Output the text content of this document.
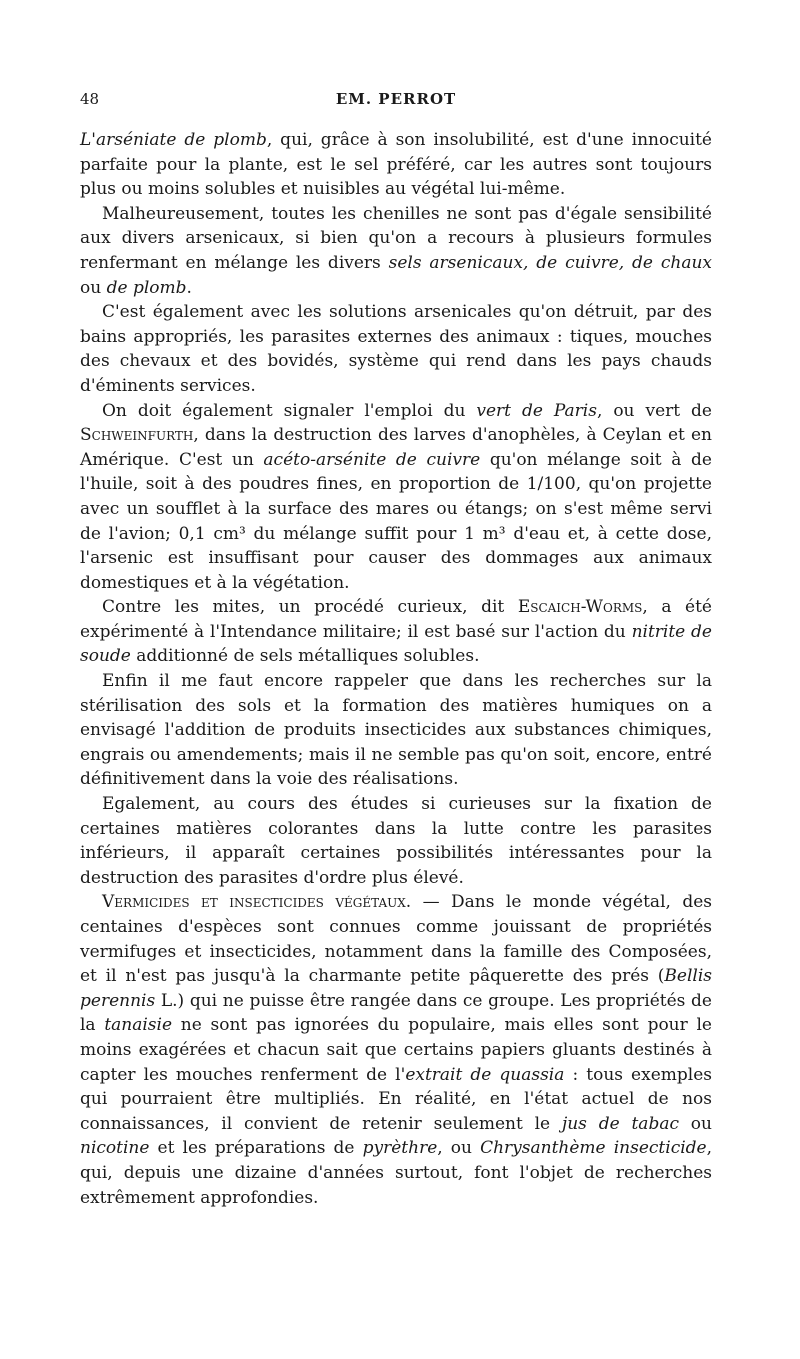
48	EM. PERROT

L'arséniate de plomb, qui, grâce à son insolubilité, est d'une innocuité parfaite pour la plante, est le sel préféré, car les autres sont toujours plus ou moins solubles et nuisibles au végétal lui-même.

Malheureusement, toutes les chenilles ne sont pas d'égale sensibilité aux divers arsenicaux, si bien qu'on a recours à plusieurs formules renfermant en mélange les divers sels arsenicaux, de cuivre, de chaux ou de plomb.

C'est également avec les solutions arsenicales qu'on détruit, par des bains appropriés, les parasites externes des animaux : tiques, mouches des chevaux et des bovidés, système qui rend dans les pays chauds d'éminents services.

On doit également signaler l'emploi du vert de Paris, ou vert de Schweinfurth, dans la destruction des larves d'anophèles, à Ceylan et en Amérique. C'est un acéto-arsénite de cuivre qu'on mélange soit à de l'huile, soit à des poudres fines, en proportion de 1/100, qu'on projette avec un soufflet à la surface des mares ou étangs; on s'est même servi de l'avion; 0,1 cm³ du mélange suffit pour 1 m³ d'eau et, à cette dose, l'arsenic est insuffisant pour causer des dommages aux animaux domestiques et à la végétation.

Contre les mites, un procédé curieux, dit Escaich-Worms, a été expérimenté à l'Intendance militaire; il est basé sur l'action du nitrite de soude additionné de sels métalliques solubles.

Enfin il me faut encore rappeler que dans les recherches sur la stérilisation des sols et la formation des matières humiques on a envisagé l'addition de produits insecticides aux substances chimiques, engrais ou amendements; mais il ne semble pas qu'on soit, encore, entré définitivement dans la voie des réalisations.

Egalement, au cours des études si curieuses sur la fixation de certaines matières colorantes dans la lutte contre les parasites inférieurs, il apparaît certaines possibilités intéressantes pour la destruction des parasites d'ordre plus élevé.

Vermicides et insecticides végétaux. — Dans le monde végétal, des centaines d'espèces sont connues comme jouissant de propriétés vermifuges et insecticides, notamment dans la famille des Composées, et il n'est pas jusqu'à la charmante petite pâquerette des prés (Bellis perennis L.) qui ne puisse être rangée dans ce groupe. Les propriétés de la tanaisie ne sont pas ignorées du populaire, mais elles sont pour le moins exagérées et chacun sait que certains papiers gluants destinés à capter les mouches renferment de l'extrait de quassia : tous exemples qui pourraient être multipliés. En réalité, en l'état actuel de nos connaissances, il convient de retenir seulement le jus de tabac ou nicotine et les préparations de pyrèthre, ou Chrysanthème insecticide, qui, depuis une dizaine d'années surtout, font l'objet de recherches extrêmement approfondies.
